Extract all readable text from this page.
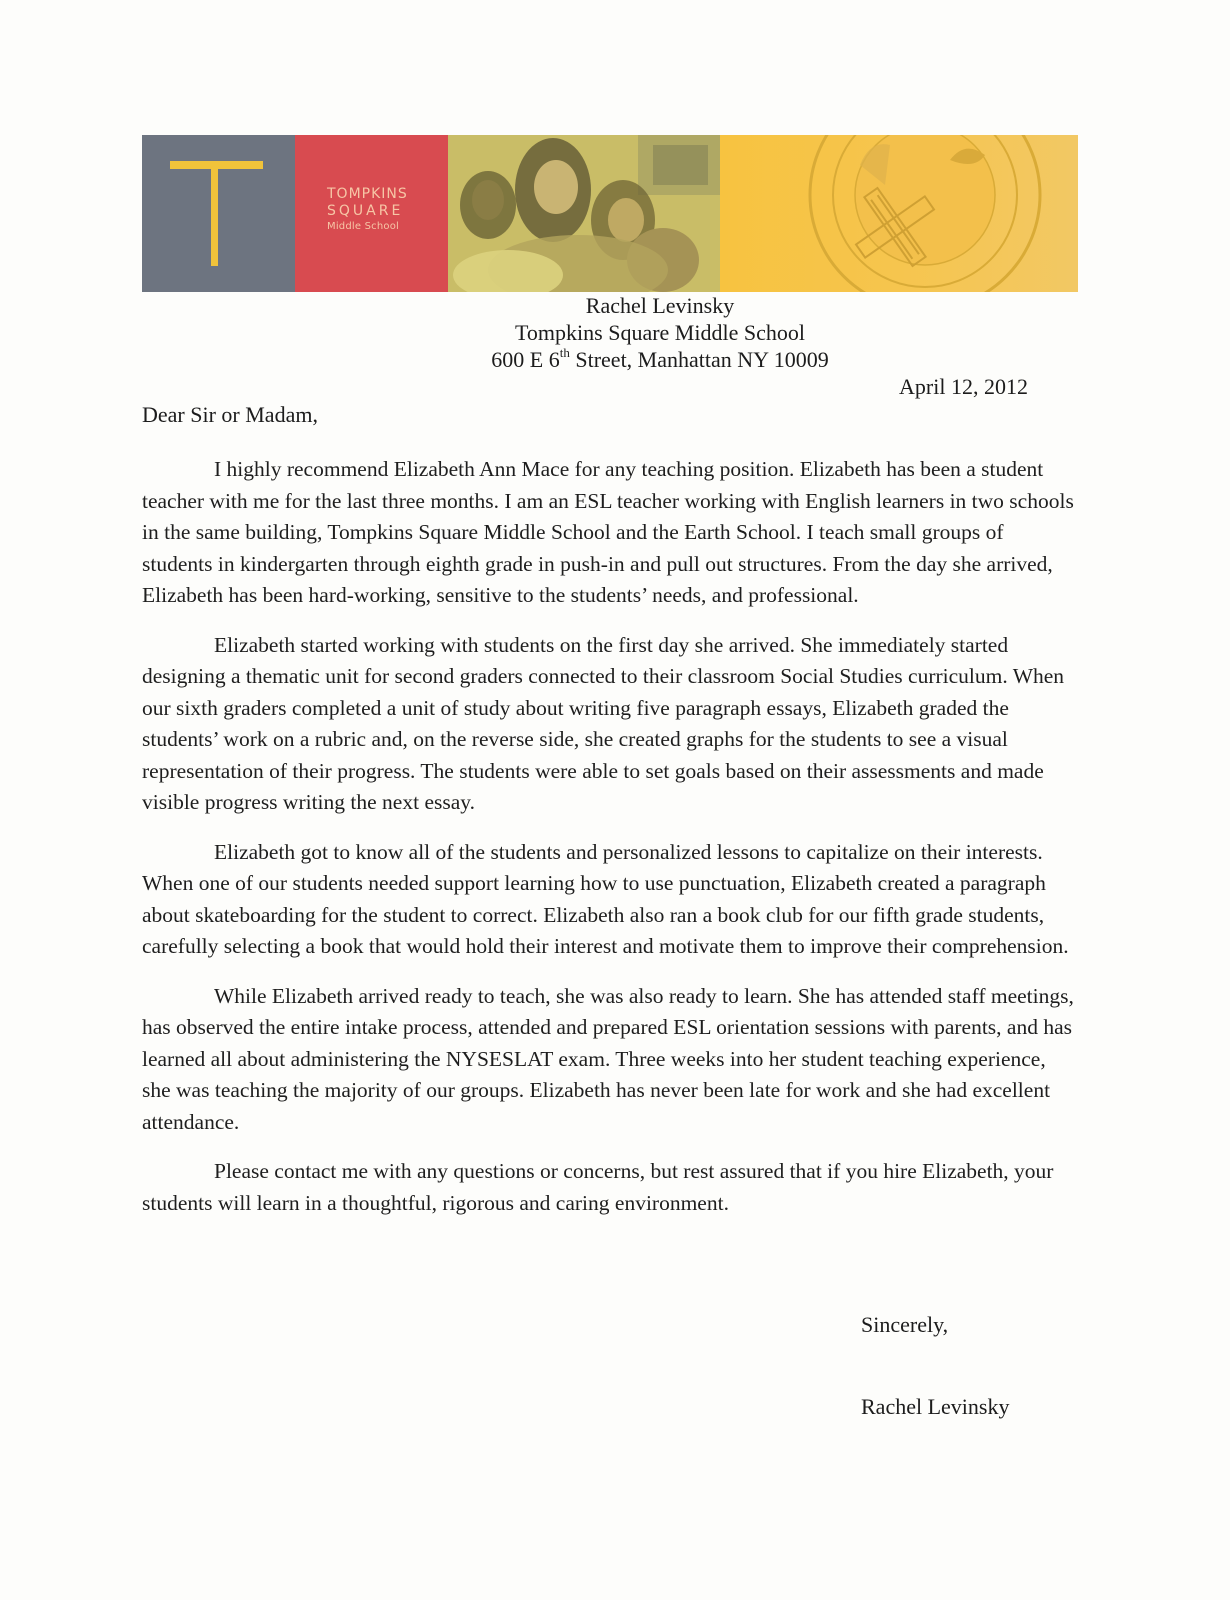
TOMPKINS
SQUARE
Middle School
Rachel Levinsky
Tompkins Square Middle School
600 E 6th Street, Manhattan NY 10009
April 12, 2012
Dear Sir or Madam,

I highly recommend Elizabeth Ann Mace for any teaching position. Elizabeth has been a student teacher with me for the last three months. I am an ESL teacher working with English learners in two schools in the same building, Tompkins Square Middle School and the Earth School. I teach small groups of students in kindergarten through eighth grade in push-in and pull out structures. From the day she arrived, Elizabeth has been hard-working, sensitive to the students’ needs, and professional.

Elizabeth started working with students on the first day she arrived. She immediately started designing a thematic unit for second graders connected to their classroom Social Studies curriculum. When our sixth graders completed a unit of study about writing five paragraph essays, Elizabeth graded the students’ work on a rubric and, on the reverse side, she created graphs for the students to see a visual representation of their progress. The students were able to set goals based on their assessments and made visible progress writing the next essay.

Elizabeth got to know all of the students and personalized lessons to capitalize on their interests. When one of our students needed support learning how to use punctuation, Elizabeth created a paragraph about skateboarding for the student to correct. Elizabeth also ran a book club for our fifth grade students, carefully selecting a book that would hold their interest and motivate them to improve their comprehension.

While Elizabeth arrived ready to teach, she was also ready to learn. She has attended staff meetings, has observed the entire intake process, attended and prepared ESL orientation sessions with parents, and has learned all about administering the NYSESLAT exam. Three weeks into her student teaching experience, she was teaching the majority of our groups. Elizabeth has never been late for work and she had excellent attendance.

Please contact me with any questions or concerns, but rest assured that if you hire Elizabeth, your students will learn in a thoughtful, rigorous and caring environment.

Sincerely,
Rachel Levinsky
